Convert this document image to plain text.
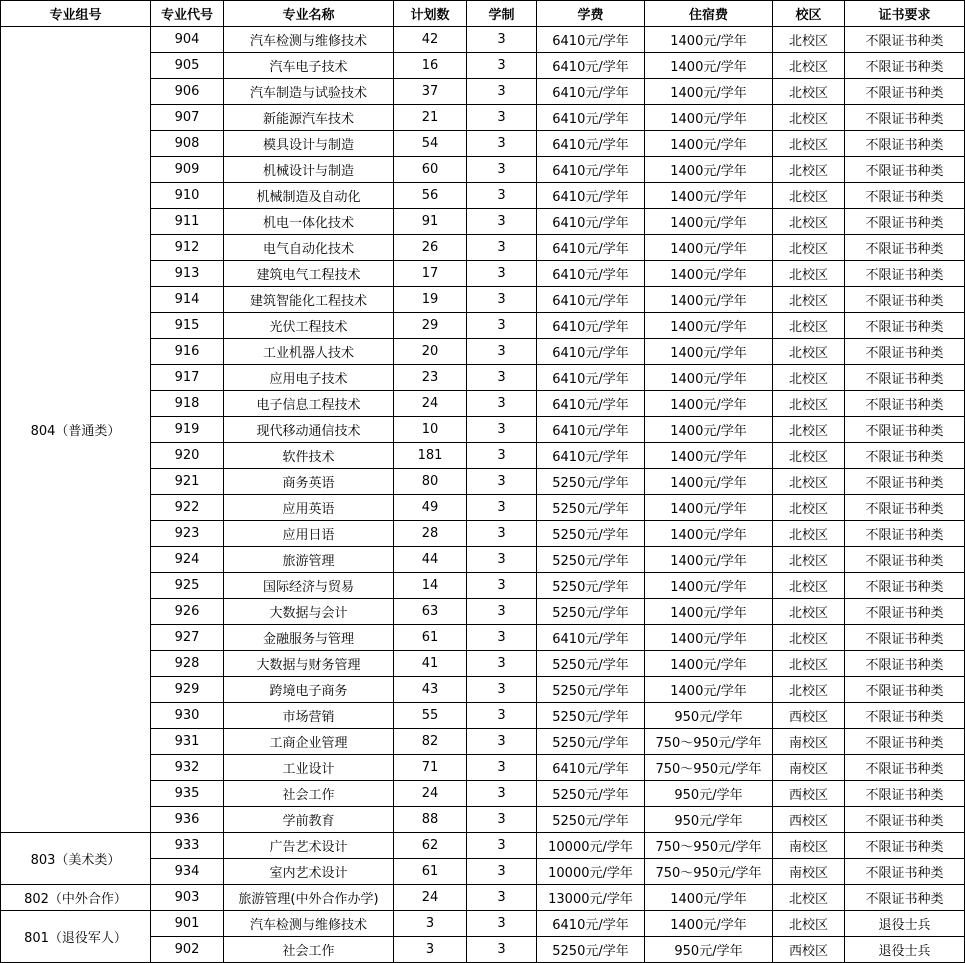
专业组号	专业代号	专业名称	计划数	学制	学费	住宿费	校区	证书要求
804（普通类）	904	汽车检测与维修技术	42	3	6410元/学年	1400元/学年	北校区	不限证书种类
	905	汽车电子技术	16	3	6410元/学年	1400元/学年	北校区	不限证书种类
	906	汽车制造与试验技术	37	3	6410元/学年	1400元/学年	北校区	不限证书种类
	907	新能源汽车技术	21	3	6410元/学年	1400元/学年	北校区	不限证书种类
	908	模具设计与制造	54	3	6410元/学年	1400元/学年	北校区	不限证书种类
	909	机械设计与制造	60	3	6410元/学年	1400元/学年	北校区	不限证书种类
	910	机械制造及自动化	56	3	6410元/学年	1400元/学年	北校区	不限证书种类
	911	机电一体化技术	91	3	6410元/学年	1400元/学年	北校区	不限证书种类
	912	电气自动化技术	26	3	6410元/学年	1400元/学年	北校区	不限证书种类
	913	建筑电气工程技术	17	3	6410元/学年	1400元/学年	北校区	不限证书种类
	914	建筑智能化工程技术	19	3	6410元/学年	1400元/学年	北校区	不限证书种类
	915	光伏工程技术	29	3	6410元/学年	1400元/学年	北校区	不限证书种类
	916	工业机器人技术	20	3	6410元/学年	1400元/学年	北校区	不限证书种类
	917	应用电子技术	23	3	6410元/学年	1400元/学年	北校区	不限证书种类
	918	电子信息工程技术	24	3	6410元/学年	1400元/学年	北校区	不限证书种类
	919	现代移动通信技术	10	3	6410元/学年	1400元/学年	北校区	不限证书种类
	920	软件技术	181	3	6410元/学年	1400元/学年	北校区	不限证书种类
	921	商务英语	80	3	5250元/学年	1400元/学年	北校区	不限证书种类
	922	应用英语	49	3	5250元/学年	1400元/学年	北校区	不限证书种类
	923	应用日语	28	3	5250元/学年	1400元/学年	北校区	不限证书种类
	924	旅游管理	44	3	5250元/学年	1400元/学年	北校区	不限证书种类
	925	国际经济与贸易	14	3	5250元/学年	1400元/学年	北校区	不限证书种类
	926	大数据与会计	63	3	5250元/学年	1400元/学年	北校区	不限证书种类
	927	金融服务与管理	61	3	6410元/学年	1400元/学年	北校区	不限证书种类
	928	大数据与财务管理	41	3	5250元/学年	1400元/学年	北校区	不限证书种类
	929	跨境电子商务	43	3	5250元/学年	1400元/学年	北校区	不限证书种类
	930	市场营销	55	3	5250元/学年	950元/学年	西校区	不限证书种类
	931	工商企业管理	82	3	5250元/学年	750～950元/学年	南校区	不限证书种类
	932	工业设计	71	3	6410元/学年	750～950元/学年	南校区	不限证书种类
	935	社会工作	24	3	5250元/学年	950元/学年	西校区	不限证书种类
	936	学前教育	88	3	5250元/学年	950元/学年	西校区	不限证书种类
803（美术类）	933	广告艺术设计	62	3	10000元/学年	750～950元/学年	南校区	不限证书种类
	934	室内艺术设计	61	3	10000元/学年	750～950元/学年	南校区	不限证书种类
802（中外合作）	903	旅游管理(中外合作办学)	24	3	13000元/学年	1400元/学年	北校区	不限证书种类
801（退役军人）	901	汽车检测与维修技术	3	3	6410元/学年	1400元/学年	北校区	退役士兵
	902	社会工作	3	3	5250元/学年	950元/学年	西校区	退役士兵
